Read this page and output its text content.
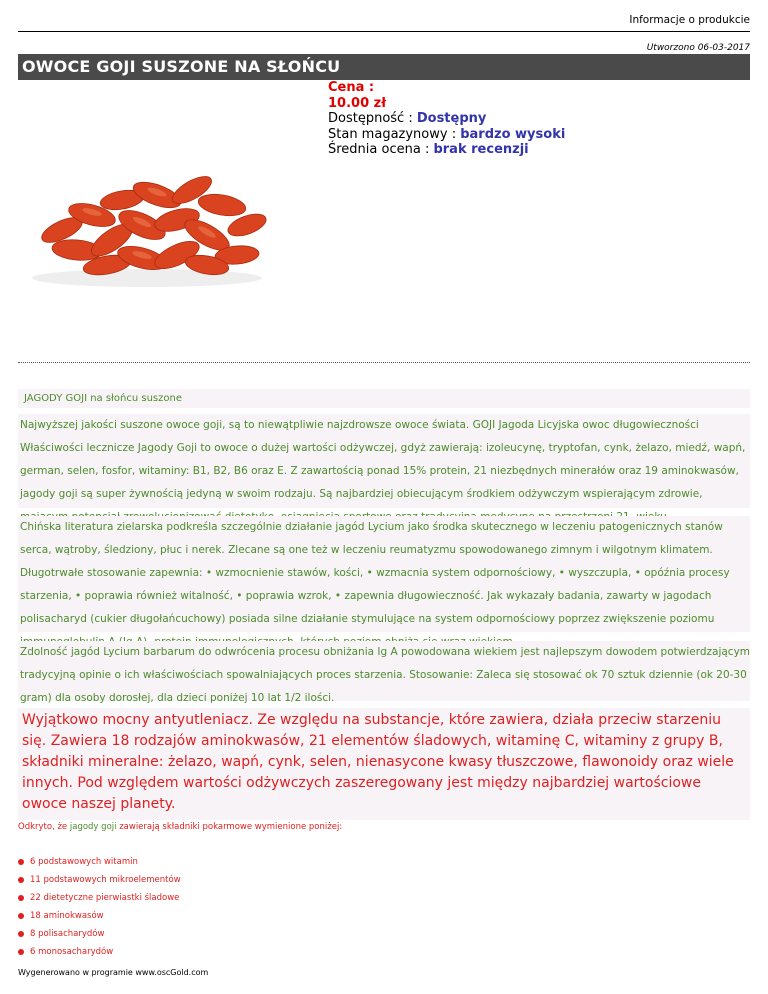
Informacje o produkcie
Utworzono 06-03-2017
OWOCE GOJI SUSZONE NA SŁOŃCU
Cena :
10.00 zł
Dostępność : Dostępny
Stan magazynowy : bardzo wysoki
Średnia ocena : brak recenzji
JAGODY GOJI na słońcu suszone
Najwyższej jakości suszone owoce goji, są to niewątpliwie najzdrowsze owoce świata. GOJI Jagoda Licyjska owoc długowieczności Właściwości lecznicze Jagody Goji to owoce o dużej wartości odżywczej, gdyż zawierają: izoleucynę, tryptofan, cynk, żelazo, miedź, wapń, german, selen, fosfor, witaminy: B1, B2, B6 oraz E. Z zawartością ponad 15% protein, 21 niezbędnych minerałów oraz 19 aminokwasów, jagody goji są super żywnością jedyną w swoim rodzaju. Są najbardziej obiecującym środkiem odżywczym wspierającym zdrowie,
Chińska literatura zielarska podkreśla szczególnie działanie jagód Lycium jako środka skutecznego w leczeniu patogenicznych stanów serca, wątroby, śledziony, płuc i nerek. Zlecane są one też w leczeniu reumatyzmu spowodowanego zimnym i wilgotnym klimatem. Długotrwałe stosowanie zapewnia: • wzmocnienie stawów, kości, • wzmacnia system odpornościowy, • wyszczupla, • opóźnia procesy starzenia, • poprawia również witalność, • poprawia wzrok, • zapewnia długowieczność. Jak wykazały badania, zawarty w jagodach polisacharyd (cukier długołańcuchowy) posiada silne działanie stymulujące na system odpornościowy poprzez zwiększenie poziomu
Zdolność jagód Lycium barbarum do odwrócenia procesu obniżania Ig A powodowana wiekiem jest najlepszym dowodem potwierdzającym tradycyjną opinie o ich właściwościach spowalniających proces starzenia. Stosowanie: Zaleca się stosować ok 70 sztuk dziennie (ok 20-30 gram) dla osoby dorosłej, dla dzieci poniżej 10 lat 1/2 ilości.
Wyjątkowo mocny antyutleniacz. Ze względu na substancje, które zawiera, działa przeciw starzeniu się. Zawiera 18 rodzajów aminokwasów, 21 elementów śladowych, witaminę C, witaminy z grupy B, składniki mineralne: żelazo, wapń, cynk, selen, nienasycone kwasy tłuszczowe, flawonoidy oraz wiele innych. Pod względem wartości odżywczych zaszeregowany jest między najbardziej wartościowe owoce naszej planety.
Odkryto, że jagody goji zawierają składniki pokarmowe wymienione poniżej:
6 podstawowych witamin
11 podstawowych mikroelementów
22 dietetyczne pierwiastki śladowe
18 aminokwasów
8 polisacharydów
6 monosacharydów
Wygenerowano w programie www.oscGold.com
